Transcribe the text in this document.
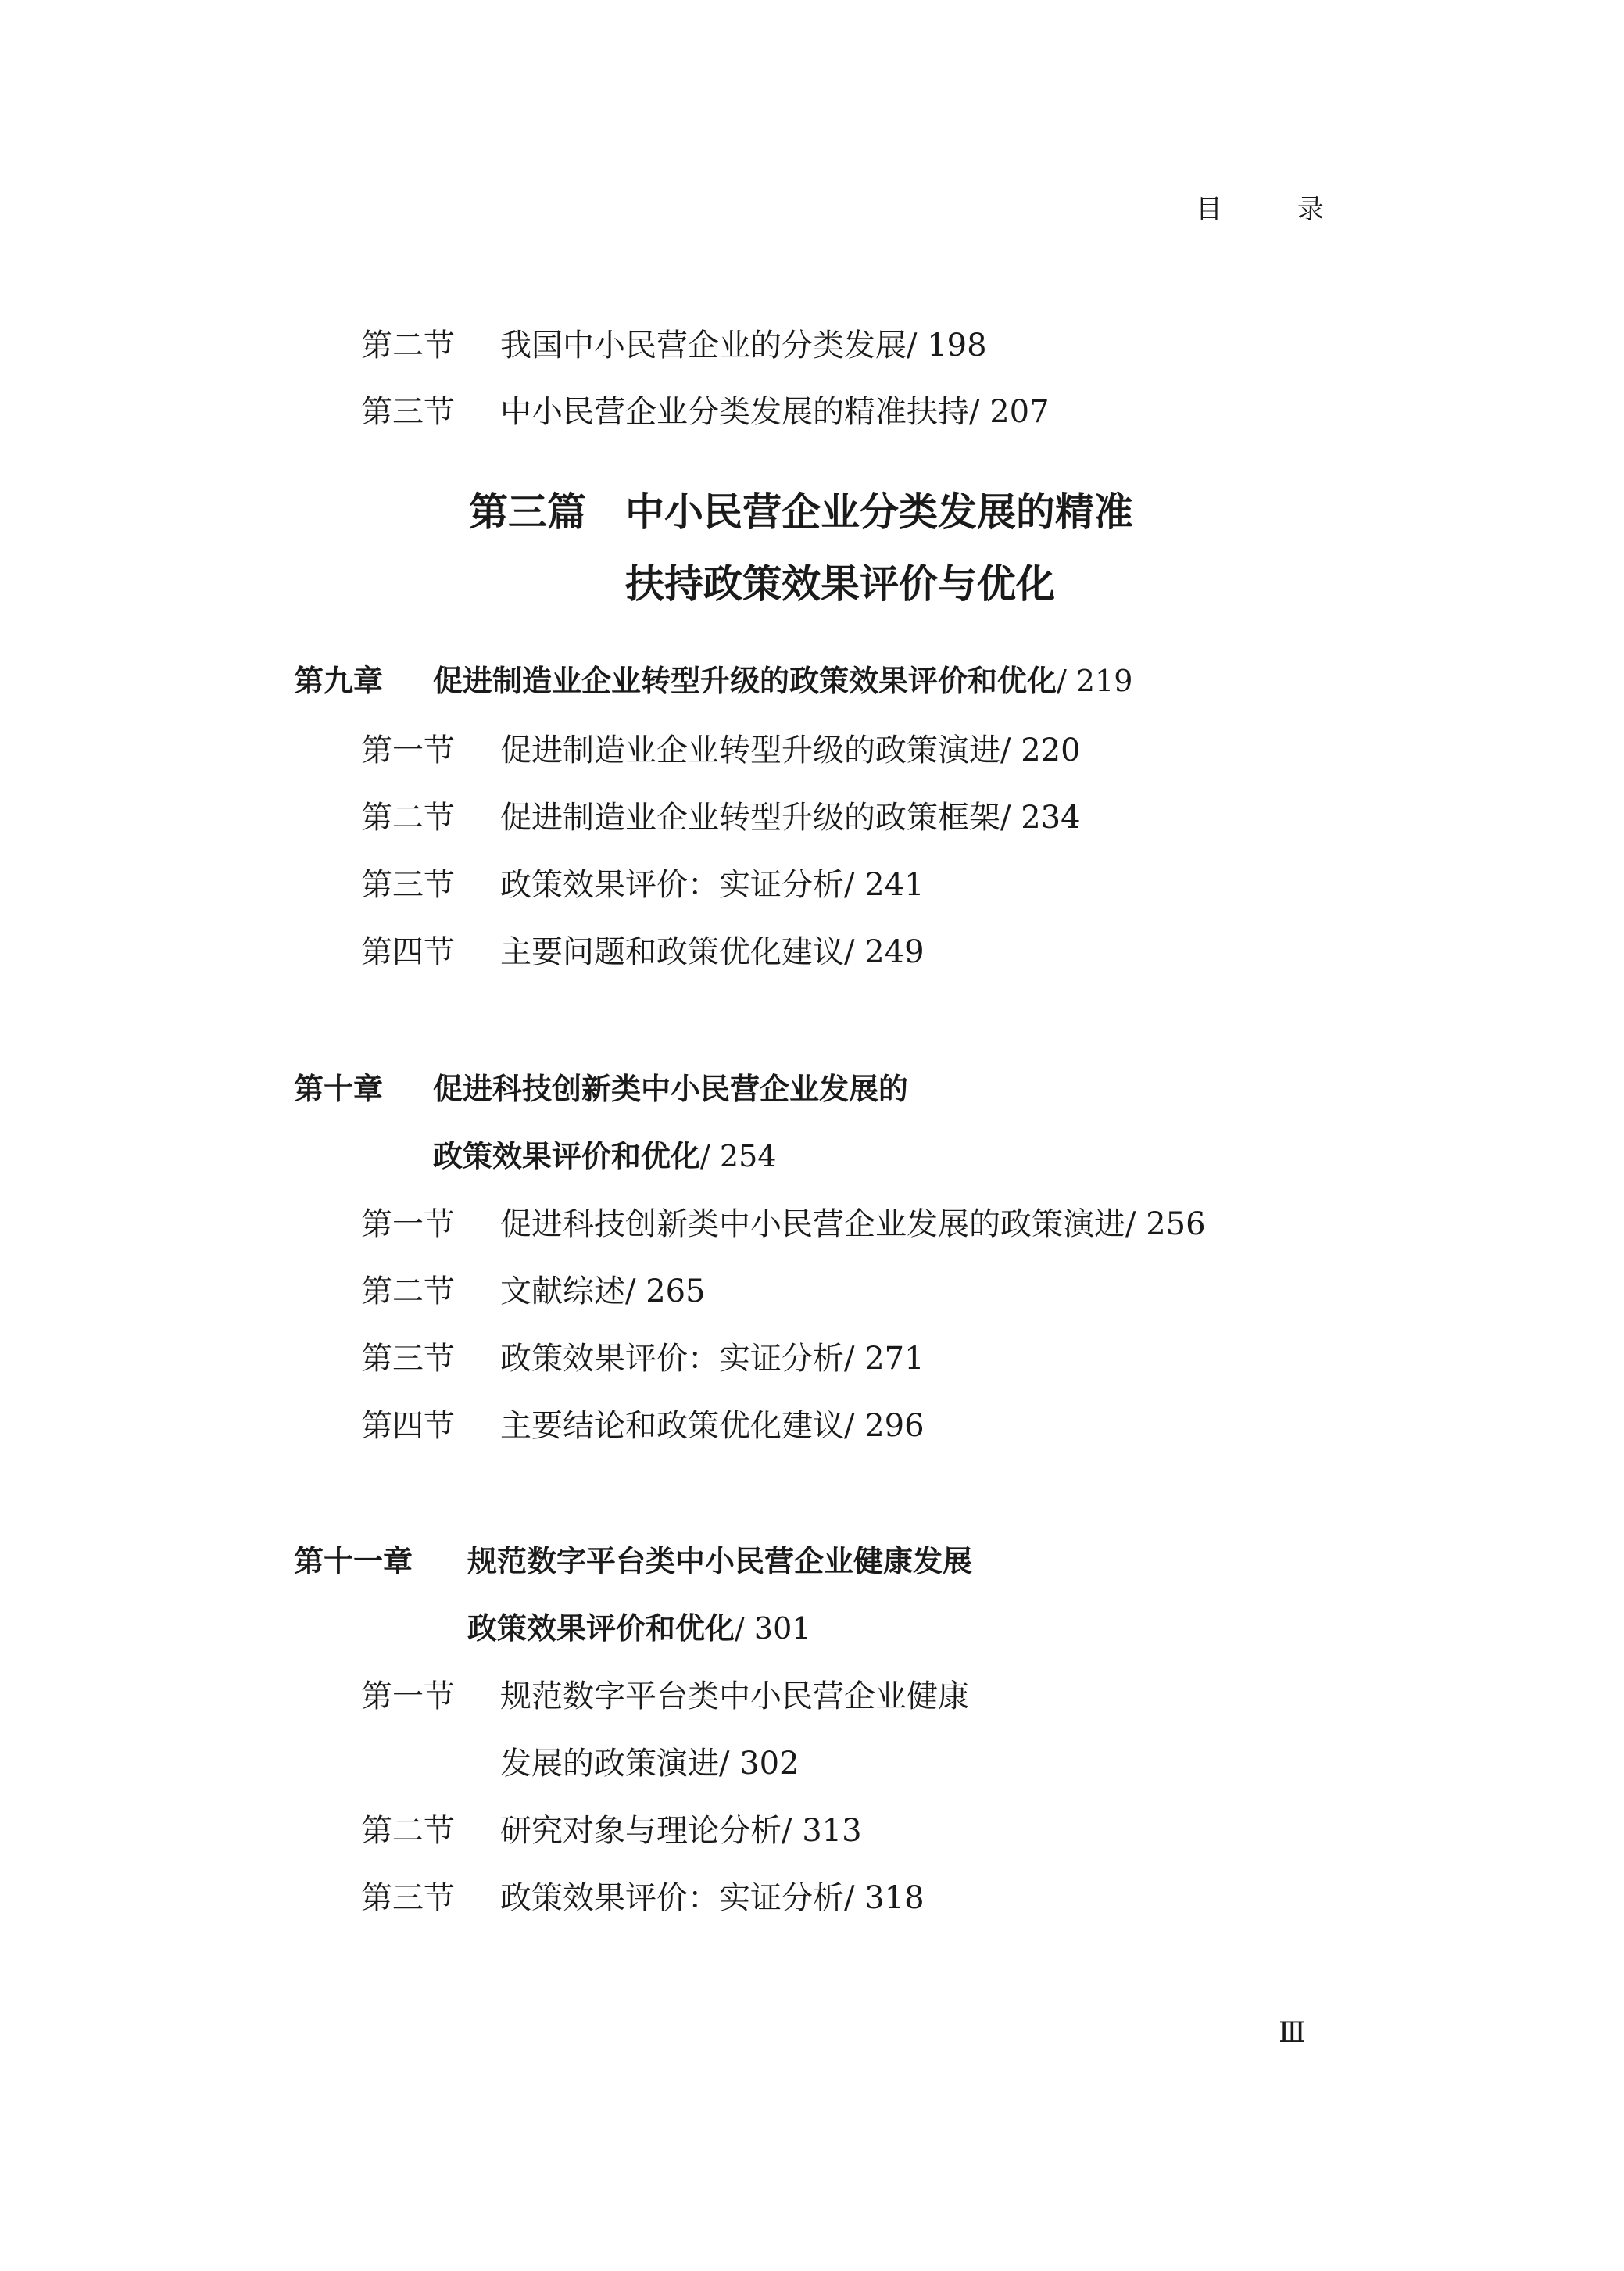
目	录
第二节 我国中小民营企业的分类发展/ 198
第三节 中小民营企业分类发展的精准扶持/ 207
第三篇 中小民营企业分类发展的精准
扶持政策效果评价与优化
第九章 促进制造业企业转型升级的政策效果评价和优化/ 219
第一节 促进制造业企业转型升级的政策演进/ 220
第二节 促进制造业企业转型升级的政策框架/ 234
第三节 政策效果评价：实证分析/ 241
第四节 主要问题和政策优化建议/ 249
第十章 促进科技创新类中小民营企业发展的
政策效果评价和优化/ 254
第一节 促进科技创新类中小民营企业发展的政策演进/ 256
第二节 文献综述/ 265
第三节 政策效果评价：实证分析/ 271
第四节 主要结论和政策优化建议/ 296
第十一章 规范数字平台类中小民营企业健康发展
政策效果评价和优化/ 301
第一节 规范数字平台类中小民营企业健康
发展的政策演进/ 302
第二节 研究对象与理论分析/ 313
第三节 政策效果评价：实证分析/ 318
Ⅲ
